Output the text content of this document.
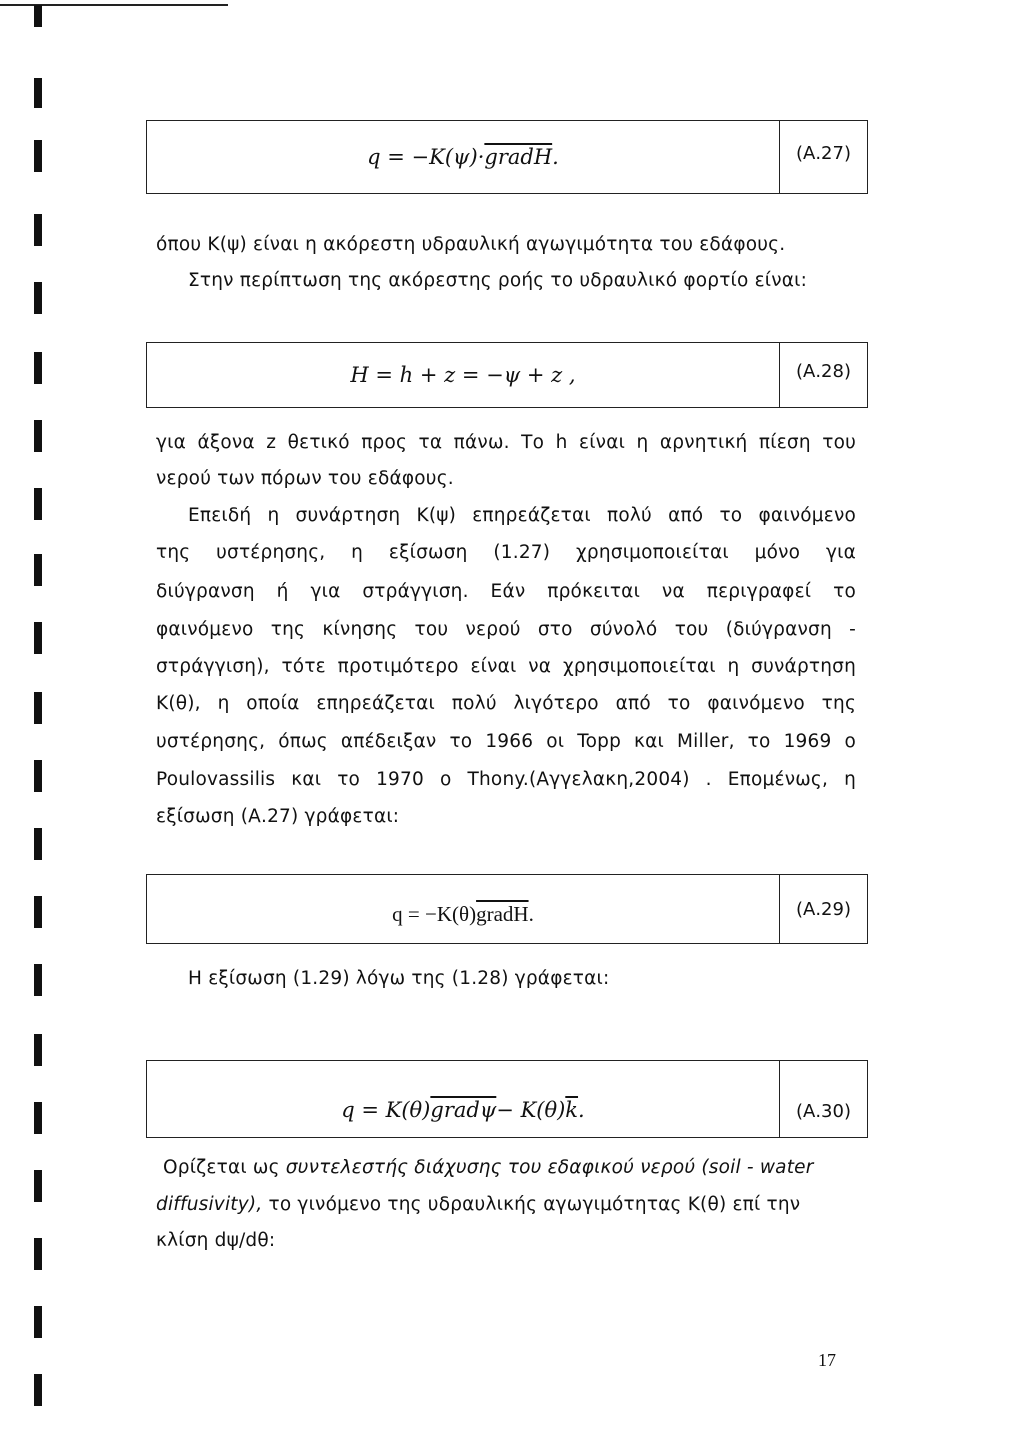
q = −K(ψ)· gradH .	(Α.27)
όπου Κ(ψ) είναι η ακόρεστη υδραυλική αγωγιμότητα του εδάφους.
Στην περίπτωση της ακόρεστης ροής το υδραυλικό φορτίο είναι:
H = h + z = −ψ + z ,	(Α.28)
για άξονα z θετικό προς τα πάνω. Το h είναι η αρνητική πίεση του
νερού των πόρων του εδάφους.
Επειδή η συνάρτηση Κ(ψ) επηρεάζεται πολύ από το φαινόμενο
της υστέρησης, η εξίσωση (1.27) χρησιμοποιείται μόνο για
διύγρανση ή για στράγγιση. Εάν πρόκειται να περιγραφεί το
φαινόμενο της κίνησης του νερού στο σύνολό του (διύγρανση -
στράγγιση), τότε προτιμότερο είναι να χρησιμοποιείται η συνάρτηση
Κ(θ), η οποία επηρεάζεται πολύ λιγότερο από το φαινόμενο της
υστέρησης, όπως απέδειξαν το 1966 οι Topp και Miller, το 1969 ο
Poulovassilis και το 1970 ο Thony.(Αγγελακη,2004) . Επομένως, η
εξίσωση (Α.27) γράφεται:
q = −K(θ) gradH .	(Α.29)
Η εξίσωση (1.29) λόγω της (1.28) γράφεται:
q = K(θ) gradψ − K(θ) $\overline{k}$ .	(Α.30)
Ορίζεται ως συντελεστής διάχυσης του εδαφικού νερού (soil - water
diffusivity), το γινόμενο της υδραυλικής αγωγιμότητας Κ(θ) επί την
κλίση dψ/dθ:
17
